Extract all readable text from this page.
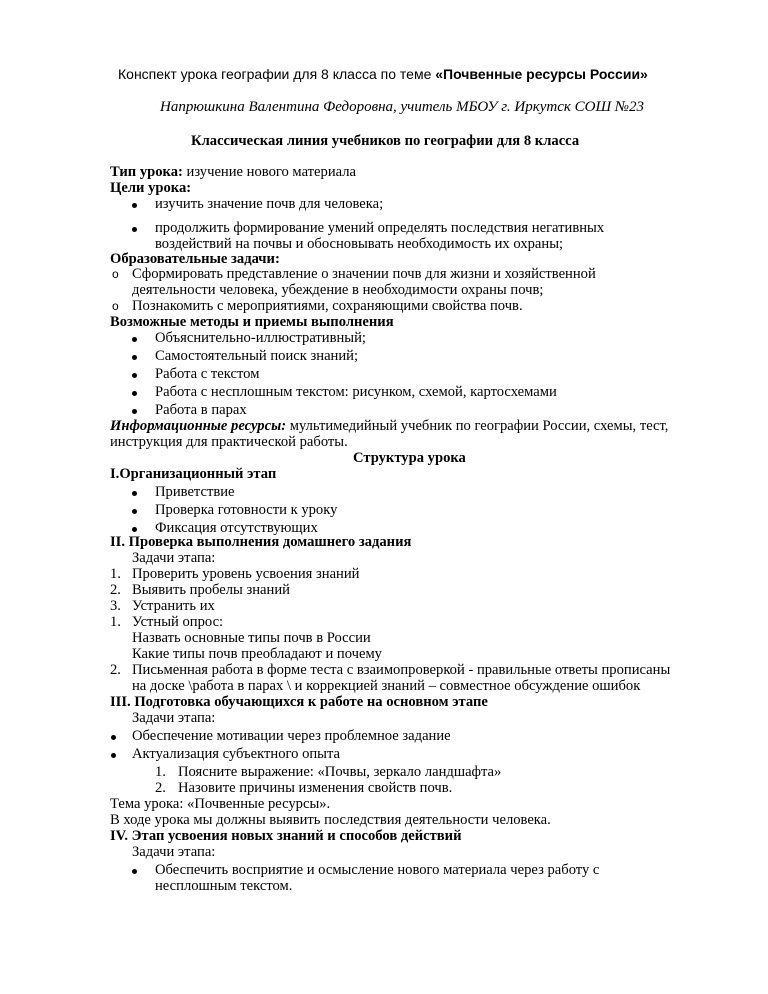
Конспект урока географии для 8 класса по теме «Почвенные ресурсы России»
Напрюшкина Валентина Федоровна, учитель МБОУ г. Иркутск СОШ №23
Классическая линия учебников по географии для 8 класса
Тип урока: изучение нового материала
Цели урока:
изучить значение почв для человека;
продолжить формирование умений определять последствия негативных
воздействий на почвы и обосновывать необходимость их охраны;
Образовательные задачи:
o Сформировать представление о значении почв для жизни и хозяйственной
деятельности человека, убеждение в необходимости охраны почв;
o Познакомить с мероприятиями, сохраняющими свойства почв.
Возможные методы и приемы выполнения
Объяснительно-иллюстративный;
Самостоятельный поиск знаний;
Работа с текстом
Работа с несплошным текстом: рисунком, схемой, картосхемами
Работа в парах
Информационные ресурсы: мультимедийный учебник по географии России, схемы, тест,
инструкция для практической работы.
Структура урока
I.Организационный этап
Приветствие
Проверка готовности к уроку
Фиксация отсутствующих
II. Проверка выполнения домашнего задания
Задачи этапа:
1. Проверить уровень усвоения знаний
2. Выявить пробелы знаний
3. Устранить их
1. Устный опрос:
Назвать основные типы почв в России
Какие типы почв преобладают и почему
2. Письменная работа в форме теста с взаимопроверкой - правильные ответы прописаны
на доске \работа в парах \ и коррекцией знаний – совместное обсуждение ошибок
III. Подготовка обучающихся к работе на основном этапе
Задачи этапа:
Обеспечение мотивации через проблемное задание
Актуализация субъектного опыта
1. Поясните выражение: «Почвы, зеркало ландшафта»
2. Назовите причины изменения свойств почв.
Тема урока: «Почвенные ресурсы».
В ходе урока мы должны выявить последствия деятельности человека.
IV. Этап усвоения новых знаний и способов действий
Задачи этапа:
Обеспечить восприятие и осмысление нового материала через работу с
несплошным текстом.
